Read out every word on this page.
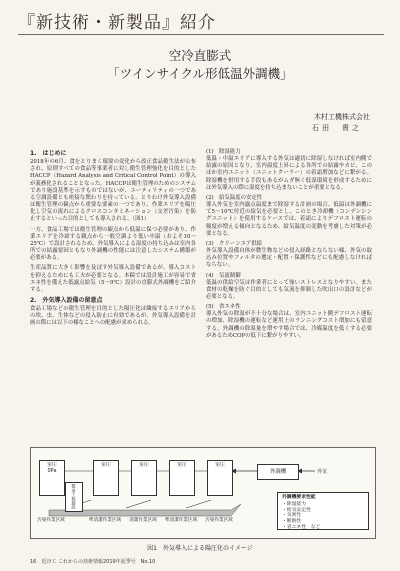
『新技術・新製品』紹介
空冷直膨式
「ツインサイクル形低温外調機」
木村工機株式会社
石田　貴之
1.　はじめに

2018年の6月、食をとりまく環境の変化から改正食品衛生法が公布され、原則すべての食品等事業者に対し衛生管理強化を目的としたHACCP（Hazard Analysis and Critical Control Point）の導入が義務化されることとなった。HACCPは衛生管理のためのシステムであり施設基準を示すものではないが、ユーティリティの一つである空調設備とも密接な関わりを持っている。とりわけ外気導入設備は衛生管理の観点から重要な要素の一つであり、作業エリアを陽圧化し空気の流れによるクロスコンタミネーション（交差汚染）を防止するといった目的としても導入される。（図1）

一方、食品工場では衛生管理の観点から低温に保つ必要があり、作業エリアを冷却する観点から一般空調より低い中温（およそ10～25℃）で設計されるため、外気導入による湿度の持ち込みは室内各所での結露要因ともなり外調機の性能には注意したシステム構築が必要がある。

生産品質に大きく影響を及ぼす外気導入設備であるが、導入コストを抑えるためにも工夫が必要となる。本稿では設計施工が容易で省エネ性を備えた低露点給気（5～9℃）設計の直膨式外調機をご紹介する。

2.　外気導入設備の留意点

食品工場などの衛生管理を目的とした陽圧化は隣接するエリアからの埃、虫、生体などの侵入防止に有効であるが、外気導入設備を計画の際には以下の様なことへの配慮が求められる。

(1)　除湿能力

低温・中温エリアに導入する外気は適切に除湿しなければ室内側で結露の原因となり、室内温度上昇による各所での結露やカビ、このほか室内ユニット（ユニットクーラー）の着霜増加などに繋がる。除湿機を併用する手段もあるがムダ無く低湿環境を形成するためには外気導入の際に湿度を持ち込まないことが重要となる。

(2)　給気温度の安定性

導入外気を室内露点温度まで除湿する計画の場合、低温は外調機にて5～10℃付近の給気を必要とし、このとき冷却機（コンデンシングユニット）を使用するケースでは、着霜によりデフロスト運転の頻度が増える傾向となるため、給気温度の変動を考慮した対策が必要となる。

(3)　クリーンエア供給

外気導入設備自体が微生物などの侵入経路とならない様、外気の取込み位置やフィルタの選定・配置・保護性などにも配慮しなければならない。

(4)　気流制御

低温の供給空気は作業者にとって強いストレスとなりやすい。また食材の乾燥を防ぐ目的としても気流を抑制した吹出口の設計などが必要となる。

(5)　省エネ性

導入外気の除湿が不十分な場合は、室内ユニット側デフロスト運転の増加、除湿機の運転など運用上のランニングコスト増加にも留意する。外調機の除湿量を増やす場合では、冷媒温度を低くする必要があるためCOPの低下に繋がりやすい。

室圧
0Pa
製造工程施設
室圧	室圧	室圧	室圧
汚染作業区域	準清潔作業区域	清潔作業区域	準清潔作業区域	汚染作業区域
外調機	外気
外調機要求性能
・除湿能力
・給気安定性
・気密性
・断熱性
・省エネ性　など
図1　外気導入による陽圧化のイメージ
16　近冷工 これからの技術情報2019年夏季号　No.10
